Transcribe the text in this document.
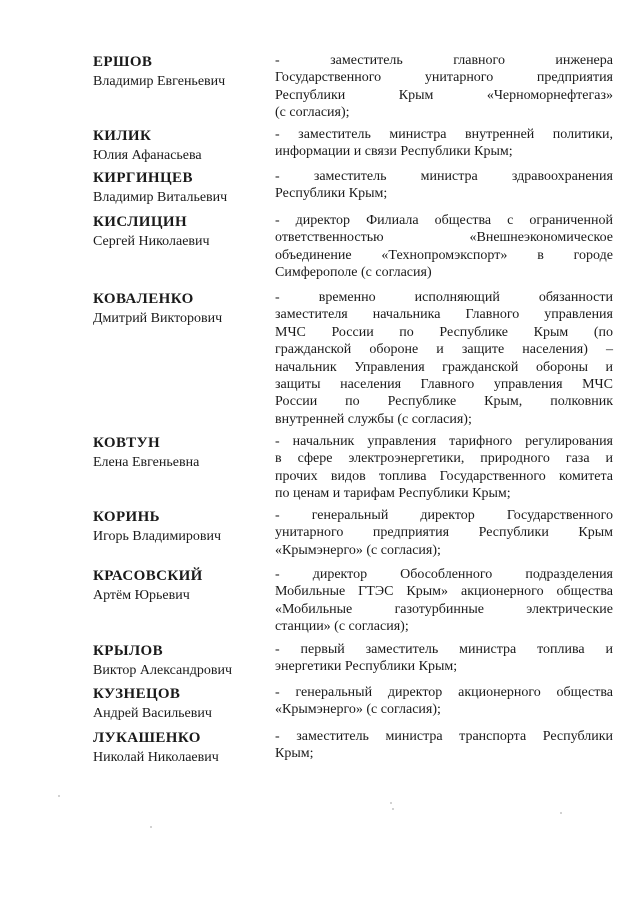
ЕРШОВ
Владимир Евгеньевич
- заместитель главного инженера
Государственного унитарного предприятия
Республики Крым «Черноморнефтегаз»
(с согласия);
КИЛИК
Юлия Афанасьева
- заместитель министра внутренней политики,
информации и связи Республики Крым;
КИРГИНЦЕВ
Владимир Витальевич
- заместитель министра здравоохранения
Республики Крым;
КИСЛИЦИН
Сергей Николаевич
- директор Филиала общества с ограниченной
ответственностью «Внешнеэкономическое
объединение «Технопромэкспорт» в городе
Симферополе (с согласия)
КОВАЛЕНКО
Дмитрий Викторович
- временно исполняющий обязанности
заместителя начальника Главного управления
МЧС России по Республике Крым (по
гражданской обороне и защите населения) –
начальник Управления гражданской обороны и
защиты населения Главного управления МЧС
России по Республике Крым, полковник
внутренней службы (с согласия);
КОВТУН
Елена Евгеньевна
- начальник управления тарифного регулирования
в сфере электроэнергетики, природного газа и
прочих видов топлива Государственного комитета
по ценам и тарифам Республики Крым;
КОРИНЬ
Игорь Владимирович
- генеральный директор Государственного
унитарного предприятия Республики Крым
«Крымэнерго» (с согласия);
КРАСОВСКИЙ
Артём Юрьевич
- директор Обособленного подразделения
Мобильные ГТЭС Крым» акционерного общества
«Мобильные газотурбинные электрические
станции» (с согласия);
КРЫЛОВ
Виктор Александрович
- первый заместитель министра топлива и
энергетики Республики Крым;
КУЗНЕЦОВ
Андрей Васильевич
- генеральный директор акционерного общества
«Крымэнерго» (с согласия);
ЛУКАШЕНКО
Николай Николаевич
- заместитель министра транспорта Республики
Крым;
